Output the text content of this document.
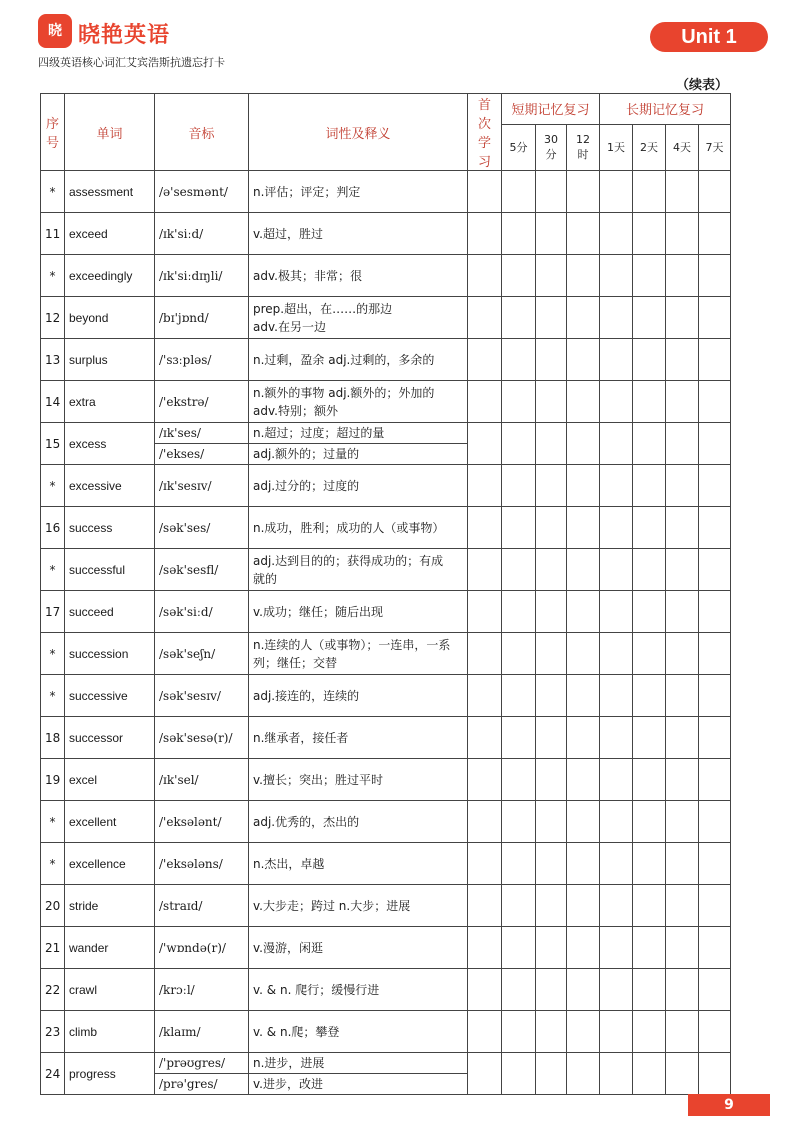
晓 晓艳英语
四级英语核心词汇艾宾浩斯抗遗忘打卡
Unit 1
（续表）
序号	单词	音标	词性及释义	首次学习	短期记忆复习			长期记忆复习			
					5分	30分	12时	1天	2天	4天	7天
*	assessment	/ə'sesmənt/	n.评估；评定；判定								

11	exceed	/ɪk'siːd/	v.超过，胜过								

*	exceedingly	/ɪk'siːdɪŋli/	adv.极其；非常；很								

12	beyond	/bɪ'jɒnd/	prep.超出，在……的那边
adv.在另一边								

13	surplus	/'sɜːpləs/	n.过剩，盈余 adj.过剩的，多余的								

14	extra	/'ekstrə/	n.额外的事物 adj.额外的；外加的
adv.特别；额外								

15	excess	/ɪk'ses/	n.超过；过度；超过的量								

		/'ekses/	adj.额外的；过量的								

*	excessive	/ɪk'sesɪv/	adj.过分的；过度的								

16	success	/sək'ses/	n.成功，胜利；成功的人（或事物）								

*	successful	/sək'sesfl/	adj.达到目的的；获得成功的；有成
就的								

17	succeed	/sək'siːd/	v.成功；继任；随后出现								

*	succession	/sək'seʃn/	n.连续的人（或事物）；一连串，一系
列；继任；交替								

*	successive	/sək'sesɪv/	adj.接连的，连续的								

18	successor	/sək'sesə(r)/	n.继承者，接任者								

19	excel	/ɪk'sel/	v.擅长；突出；胜过平时								

*	excellent	/'eksələnt/	adj.优秀的，杰出的								

*	excellence	/'eksələns/	n.杰出，卓越								

20	stride	/straɪd/	v.大步走；跨过 n.大步；进展								

21	wander	/'wɒndə(r)/	v.漫游，闲逛								

22	crawl	/krɔːl/	v. & n. 爬行；缓慢行进								

23	climb	/klaɪm/	v. & n.爬；攀登								

24	progress	/'prəʊgres/	n.进步，进展								

		/prə'gres/	v.进步，改进								
9
